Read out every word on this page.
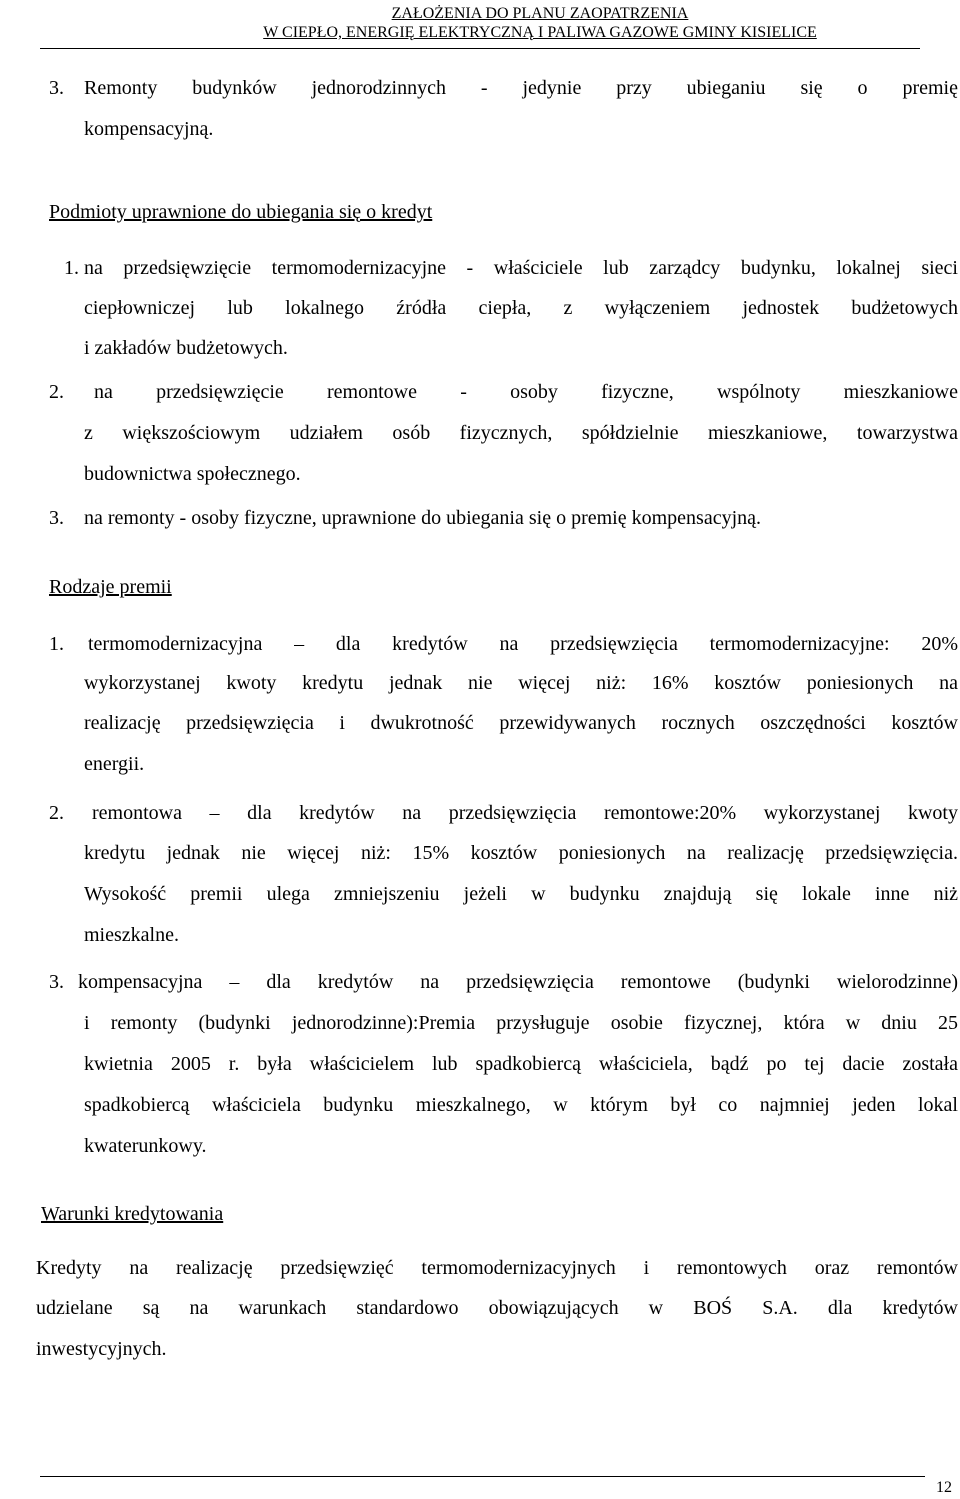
ZAŁOŻENIA DO PLANU ZAOPATRZENIA
W CIEPŁO, ENERGIĘ ELEKTRYCZNĄ I PALIWA GAZOWE GMINY KISIELICE
3. Remonty budynków jednorodzinnych - jedynie przy ubieganiu się o premię
kompensacyjną.
Podmioty uprawnione do ubiegania się o kredyt
1. na przedsięwzięcie termomodernizacyjne - właściciele lub zarządcy budynku, lokalnej sieci
ciepłowniczej lub lokalnego źródła ciepła, z wyłączeniem jednostek budżetowych
i zakładów budżetowych.
2. na przedsięwzięcie remontowe - osoby fizyczne, wspólnoty mieszkaniowe
z większościowym udziałem osób fizycznych, spółdzielnie mieszkaniowe, towarzystwa
budownictwa społecznego.
3. na remonty - osoby fizyczne, uprawnione do ubiegania się o premię kompensacyjną.
Rodzaje premii
1. termomodernizacyjna – dla kredytów na przedsięwzięcia termomodernizacyjne: 20%
wykorzystanej kwoty kredytu jednak nie więcej niż: 16% kosztów poniesionych na
realizację przedsięwzięcia i dwukrotność przewidywanych rocznych oszczędności kosztów
energii.
2. remontowa – dla kredytów na przedsięwzięcia remontowe:20% wykorzystanej kwoty
kredytu jednak nie więcej niż: 15% kosztów poniesionych na realizację przedsięwzięcia.
Wysokość premii ulega zmniejszeniu jeżeli w budynku znajdują się lokale inne niż
mieszkalne.
3. kompensacyjna – dla kredytów na przedsięwzięcia remontowe (budynki wielorodzinne)
i remonty (budynki jednorodzinne):Premia przysługuje osobie fizycznej, która w dniu 25
kwietnia 2005 r. była właścicielem lub spadkobiercą właściciela, bądź po tej dacie została
spadkobiercą właściciela budynku mieszkalnego, w którym był co najmniej jeden lokal
kwaterunkowy.
Warunki kredytowania
Kredyty na realizację przedsięwzięć termomodernizacyjnych i remontowych oraz remontów
udzielane są na warunkach standardowo obowiązujących w BOŚ S.A. dla kredytów
inwestycyjnych.
12
